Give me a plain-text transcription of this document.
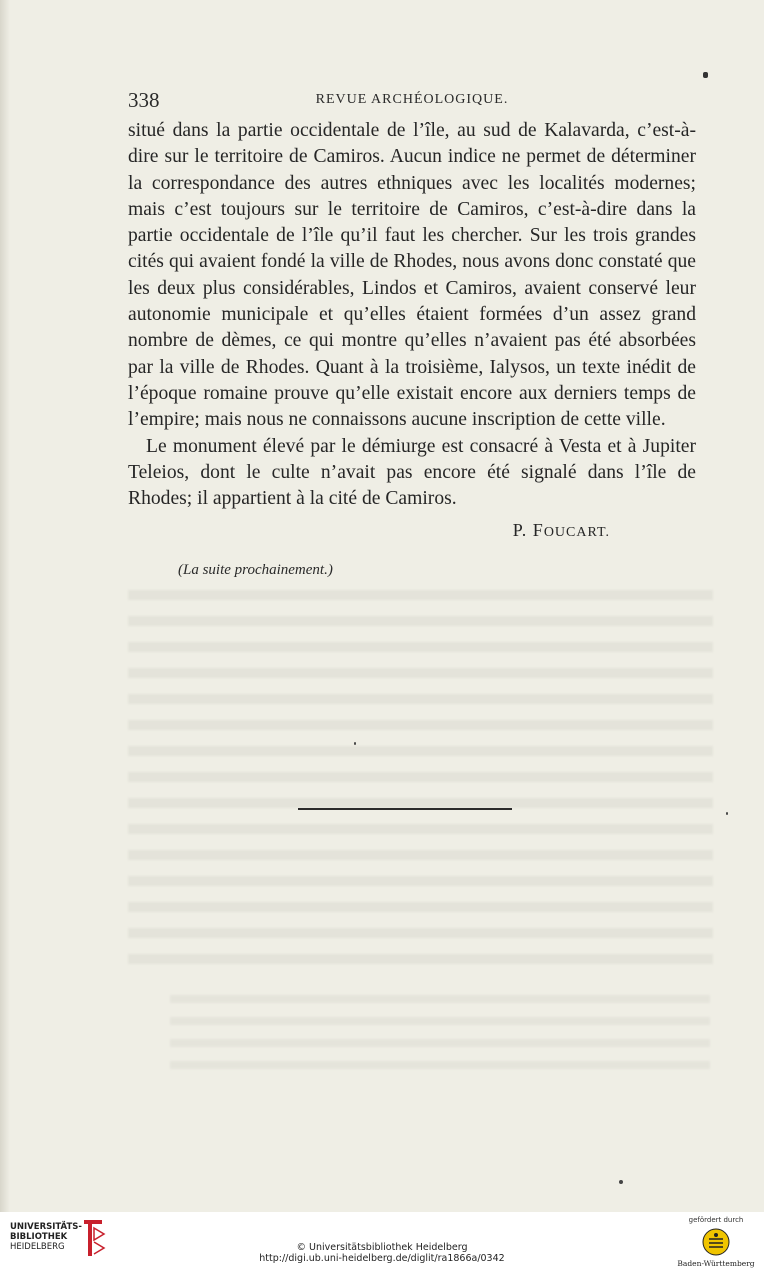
338	REVUE ARCHÉOLOGIQUE.

situé dans la partie occidentale de l’île, au sud de Kalavarda, c’est-à-dire sur le territoire de Camiros. Aucun indice ne permet de déterminer la correspondance des autres ethniques avec les localités modernes; mais c’est toujours sur le territoire de Camiros, c’est-à-dire dans la partie occidentale de l’île qu’il faut les chercher. Sur les trois grandes cités qui avaient fondé la ville de Rhodes, nous avons donc constaté que les deux plus considérables, Lindos et Camiros, avaient conservé leur autonomie municipale et qu’elles étaient formées d’un assez grand nombre de dèmes, ce qui montre qu’elles n’avaient pas été absorbées par la ville de Rhodes. Quant à la troisième, Ialysos, un texte inédit de l’époque romaine prouve qu’elle existait encore aux derniers temps de l’empire; mais nous ne connaissons aucune inscription de cette ville.

Le monument élevé par le démiurge est consacré à Vesta et à Jupiter Teleios, dont le culte n’avait pas encore été signalé dans l’île de Rhodes; il appartient à la cité de Camiros.

P. FOUCART.
(La suite prochainement.)
UNIVERSITÄTS-
BIBLIOTHEK
HEIDELBERG	© Universitätsbibliothek Heidelberg
http://digi.ub.uni-heidelberg.de/diglit/ra1866a/0342
gefördert durch
Baden-Württemberg
